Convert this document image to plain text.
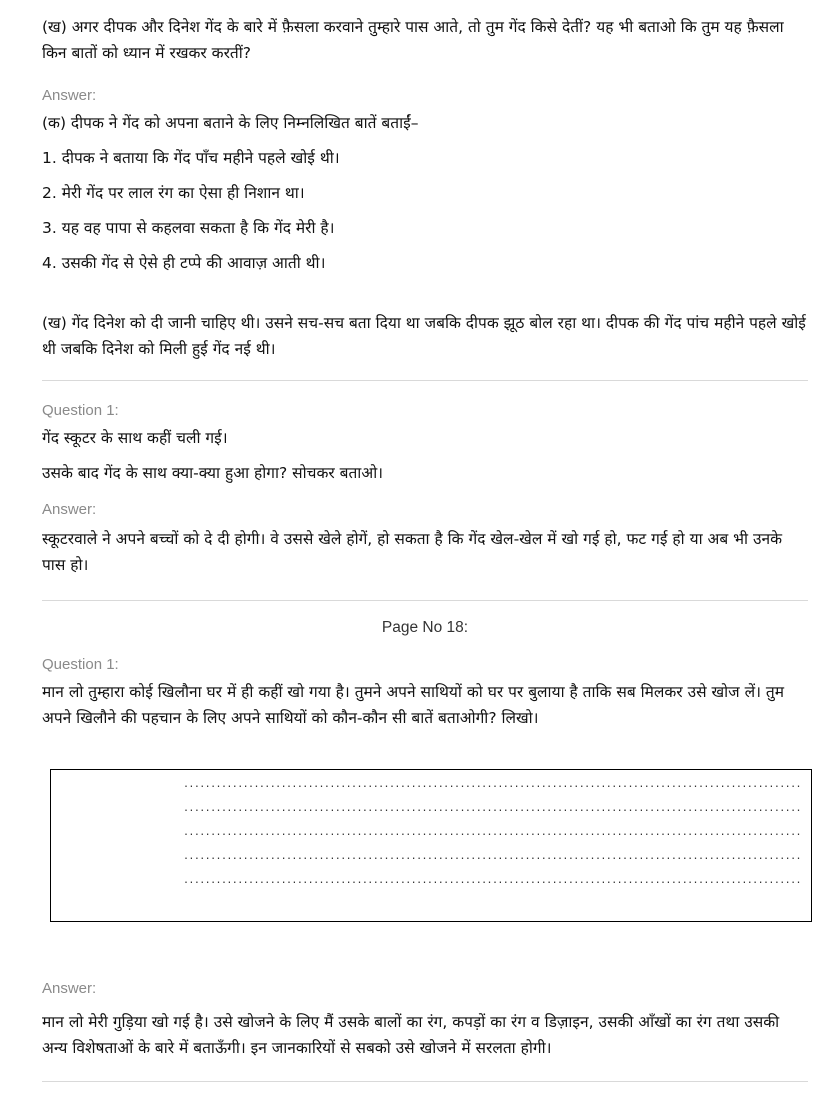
(ख) अगर दीपक और दिनेश गेंद के बारे में फ़ैसला करवाने तुम्हारे पास आते, तो तुम गेंद किसे देतीं? यह भी बताओ कि तुम यह फ़ैसला किन बातों को ध्यान में रखकर करतीं?

Answer:

(क) दीपक ने गेंद को अपना बताने के लिए निम्नलिखित बातें बताईं–

1. दीपक ने बताया कि गेंद पाँच महीने पहले खोई थी।

2. मेरी गेंद पर लाल रंग का ऐसा ही निशान था।

3. यह वह पापा से कहलवा सकता है कि गेंद मेरी है।

4. उसकी गेंद से ऐसे ही टप्पे की आवाज़ आती थी।

(ख) गेंद दिनेश को दी जानी चाहिए थी। उसने सच-सच बता दिया था जबकि दीपक झूठ बोल रहा था। दीपक की गेंद पांच महीने पहले खोई थी जबकि दिनेश को मिली हुई गेंद नई थी।

Question 1:

गेंद स्कूटर के साथ कहीं चली गई।

उसके बाद गेंद के साथ क्या-क्या हुआ होगा? सोचकर बताओ।

Answer:

स्कूटरवाले ने अपने बच्चों को दे दी होगी। वे उससे खेले होगें, हो सकता है कि गेंद खेल-खेल में खो गई हो, फट गई हो या अब भी उनके पास हो।

Page No 18:

Question 1:

मान लो तुम्हारा कोई खिलौना घर में ही कहीं खो गया है। तुमने अपने साथियों को घर पर बुलाया है ताकि सब मिलकर उसे खोज लें। तुम अपने खिलौने की पहचान के लिए अपने साथियों को कौन-कौन सी बातें बताओगी? लिखो।

..................................................................................................................
..................................................................................................................
..................................................................................................................
..................................................................................................................
..................................................................................................................

Answer:

मान लो मेरी गुड़िया खो गई है। उसे खोजने के लिए मैं उसके बालों का रंग, कपड़ों का रंग व डिज़ाइन, उसकी आँखों का रंग तथा उसकी अन्य विशेषताओं के बारे में बताऊँगी। इन जानकारियों से सबको उसे खोजने में सरलता होगी।
